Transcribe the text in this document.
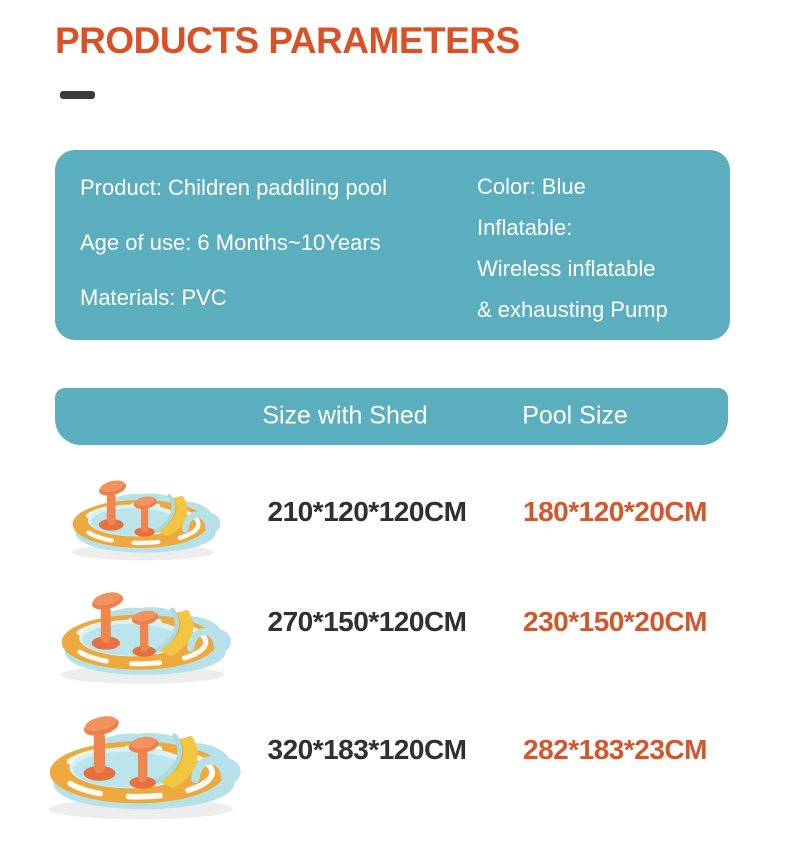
PRODUCTS PARAMETERS
Product: Children paddling pool
Age of use: 6 Months~10Years
Materials: PVC
Color: Blue
Inflatable:
Wireless inflatable
& exhausting Pump
Size with Shed	Pool Size
210*120*120CM 180*120*20CM
270*150*120CM 230*150*20CM
320*183*120CM 282*183*23CM
